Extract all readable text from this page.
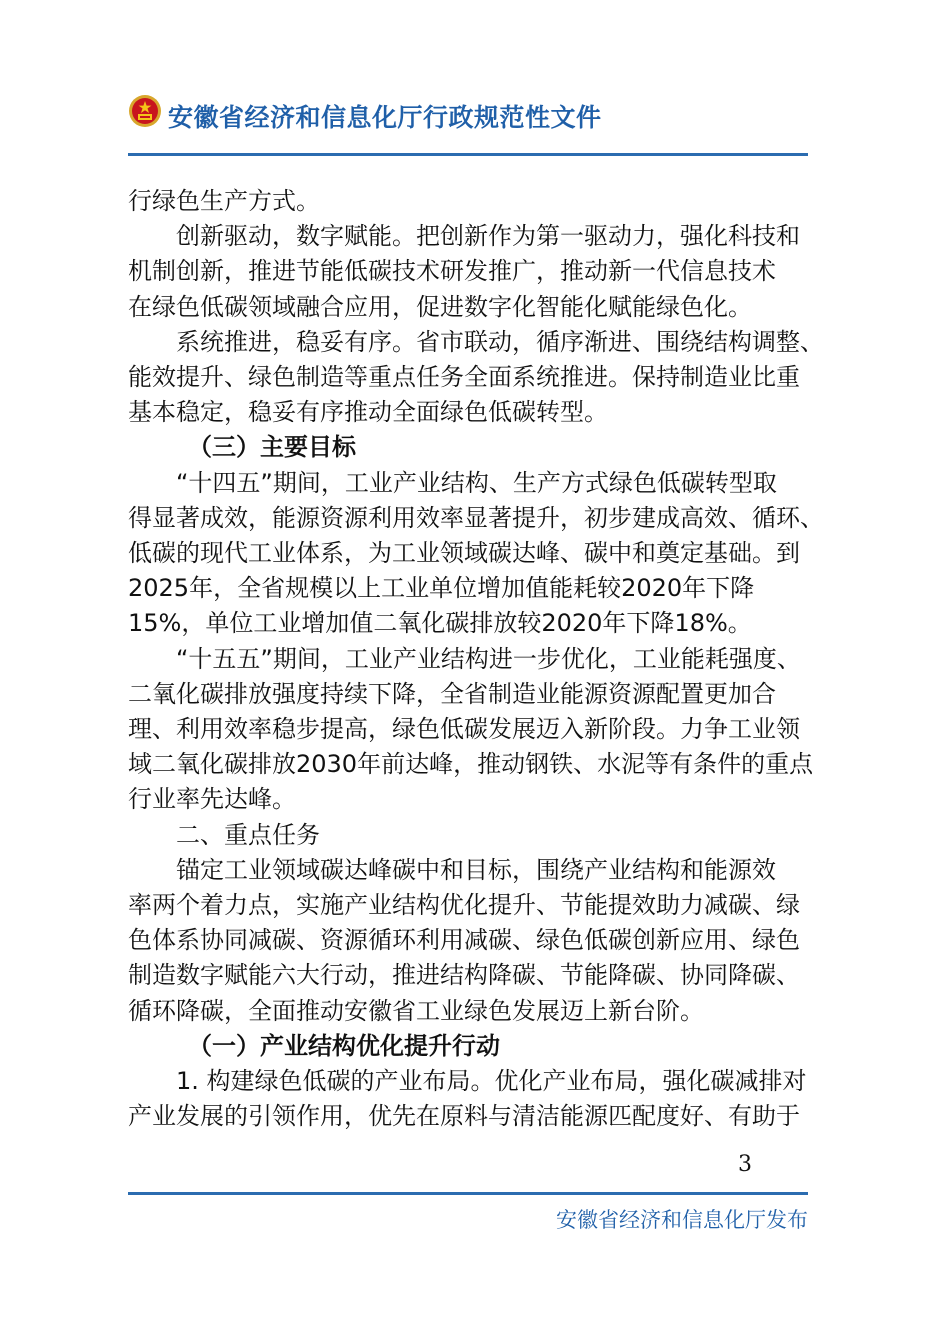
安徽省经济和信息化厅行政规范性文件

行绿色生产方式。

创新驱动，数字赋能。把创新作为第一驱动力，强化科技和

机制创新，推进节能低碳技术研发推广，推动新一代信息技术

在绿色低碳领域融合应用，促进数字化智能化赋能绿色化。

系统推进，稳妥有序。省市联动，循序渐进、围绕结构调整、

能效提升、绿色制造等重点任务全面系统推进。保持制造业比重

基本稳定，稳妥有序推动全面绿色低碳转型。

（三）主要目标

“十四五”期间，工业产业结构、生产方式绿色低碳转型取

得显著成效，能源资源利用效率显著提升，初步建成高效、循环、

低碳的现代工业体系，为工业领域碳达峰、碳中和奠定基础。到

2025年，全省规模以上工业单位增加值能耗较2020年下降

15%，单位工业增加值二氧化碳排放较2020年下降18%。

“十五五”期间，工业产业结构进一步优化，工业能耗强度、

二氧化碳排放强度持续下降，全省制造业能源资源配置更加合

理、利用效率稳步提高，绿色低碳发展迈入新阶段。力争工业领

域二氧化碳排放2030年前达峰，推动钢铁、水泥等有条件的重点

行业率先达峰。

二、重点任务

锚定工业领域碳达峰碳中和目标，围绕产业结构和能源效

率两个着力点，实施产业结构优化提升、节能提效助力减碳、绿

色体系协同减碳、资源循环利用减碳、绿色低碳创新应用、绿色

制造数字赋能六大行动，推进结构降碳、节能降碳、协同降碳、

循环降碳，全面推动安徽省工业绿色发展迈上新台阶。

（一）产业结构优化提升行动

1. 构建绿色低碳的产业布局。优化产业布局，强化碳减排对

产业发展的引领作用，优先在原料与清洁能源匹配度好、有助于

3
安徽省经济和信息化厅发布
